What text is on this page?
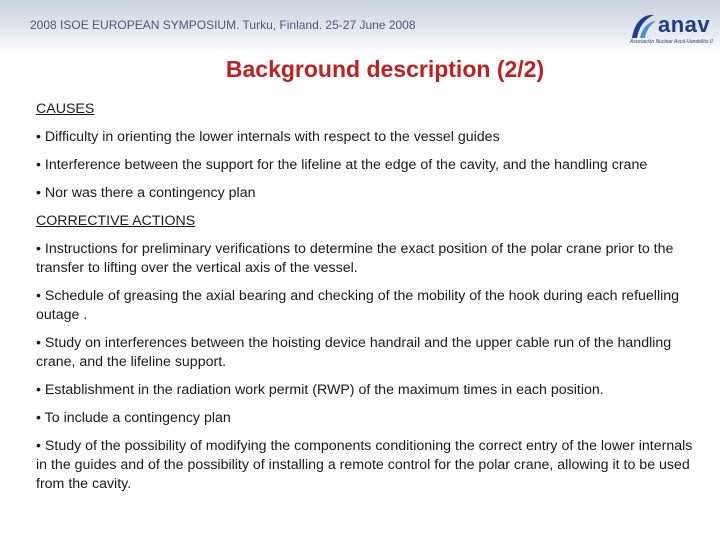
2008 ISOE EUROPEAN SYMPOSIUM. Turku, Finland. 25-27 June 2008	anav
Asociación Nuclear Ascó-Vandellós II
Background description (2/2)
CAUSES
• Difficulty in orienting the lower internals with respect to the vessel guides
• Interference between the support for the lifeline at the edge of the cavity, and the handling crane
• Nor was there a contingency plan
CORRECTIVE ACTIONS
• Instructions for preliminary verifications to determine the exact position of the polar crane prior to the transfer to lifting over the vertical axis of the vessel.
• Schedule of greasing the axial bearing and checking of the mobility of the hook during each refuelling outage .
• Study on interferences between the hoisting device handrail and the upper cable run of the handling crane, and the lifeline support.
• Establishment in the radiation work permit (RWP) of the maximum times in each position.
• To include a contingency plan
• Study of the possibility of modifying the components conditioning the correct entry of the lower internals in the guides and of the possibility of installing a remote control for the polar crane, allowing it to be used from the cavity.
